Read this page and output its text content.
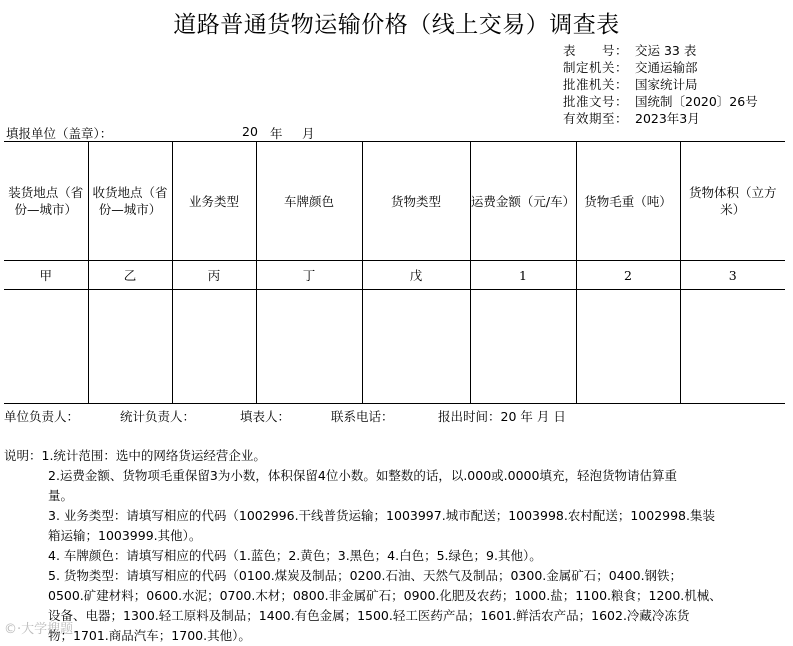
道路普通货物运输价格（线上交易）调查表
表　　号： 交运 33 表
制定机关： 交通运输部
批准机关： 国家统计局
批准文号： 国统制〔2020〕26号
有效期至： 2023年3月
填报单位（盖章）：	20 年 月
装货地点（省份—城市）	收货地点（省份—城市）	业务类型	车牌颜色	货物类型	运费金额（元/车）	货物毛重（吨）	货物体积（立方米）
甲	乙	丙	丁	戊	1	2	3

单位负责人：	统计负责人：	填表人：	联系电话：	报出时间：20 年 月 日
说明：1.统计范围：选中的网络货运经营企业。
2.运费金额、货物项毛重保留3为小数，体积保留4位小数。如整数的话，以.000或.0000填充，轻泡货物请估算重
量。
3. 业务类型：请填写相应的代码（1002996.干线普货运输；1003997.城市配送；1003998.农村配送；1002998.集装
箱运输；1003999.其他）。
4. 车牌颜色：请填写相应的代码（1.蓝色；2.黄色；3.黑色；4.白色；5.绿色；9.其他）。
5. 货物类型：请填写相应的代码（0100.煤炭及制品；0200.石油、天然气及制品；0300.金属矿石；0400.钢铁；
0500.矿建材料；0600.水泥；0700.木材；0800.非金属矿石；0900.化肥及农药；1000.盐；1100.粮食；1200.机械、
设备、电器；1300.轻工原料及制品；1400.有色金属；1500.轻工医药产品；1601.鲜活农产品；1602.冷藏冷冻货
物；1701.商品汽车；1700.其他）。
©·大学搜题
